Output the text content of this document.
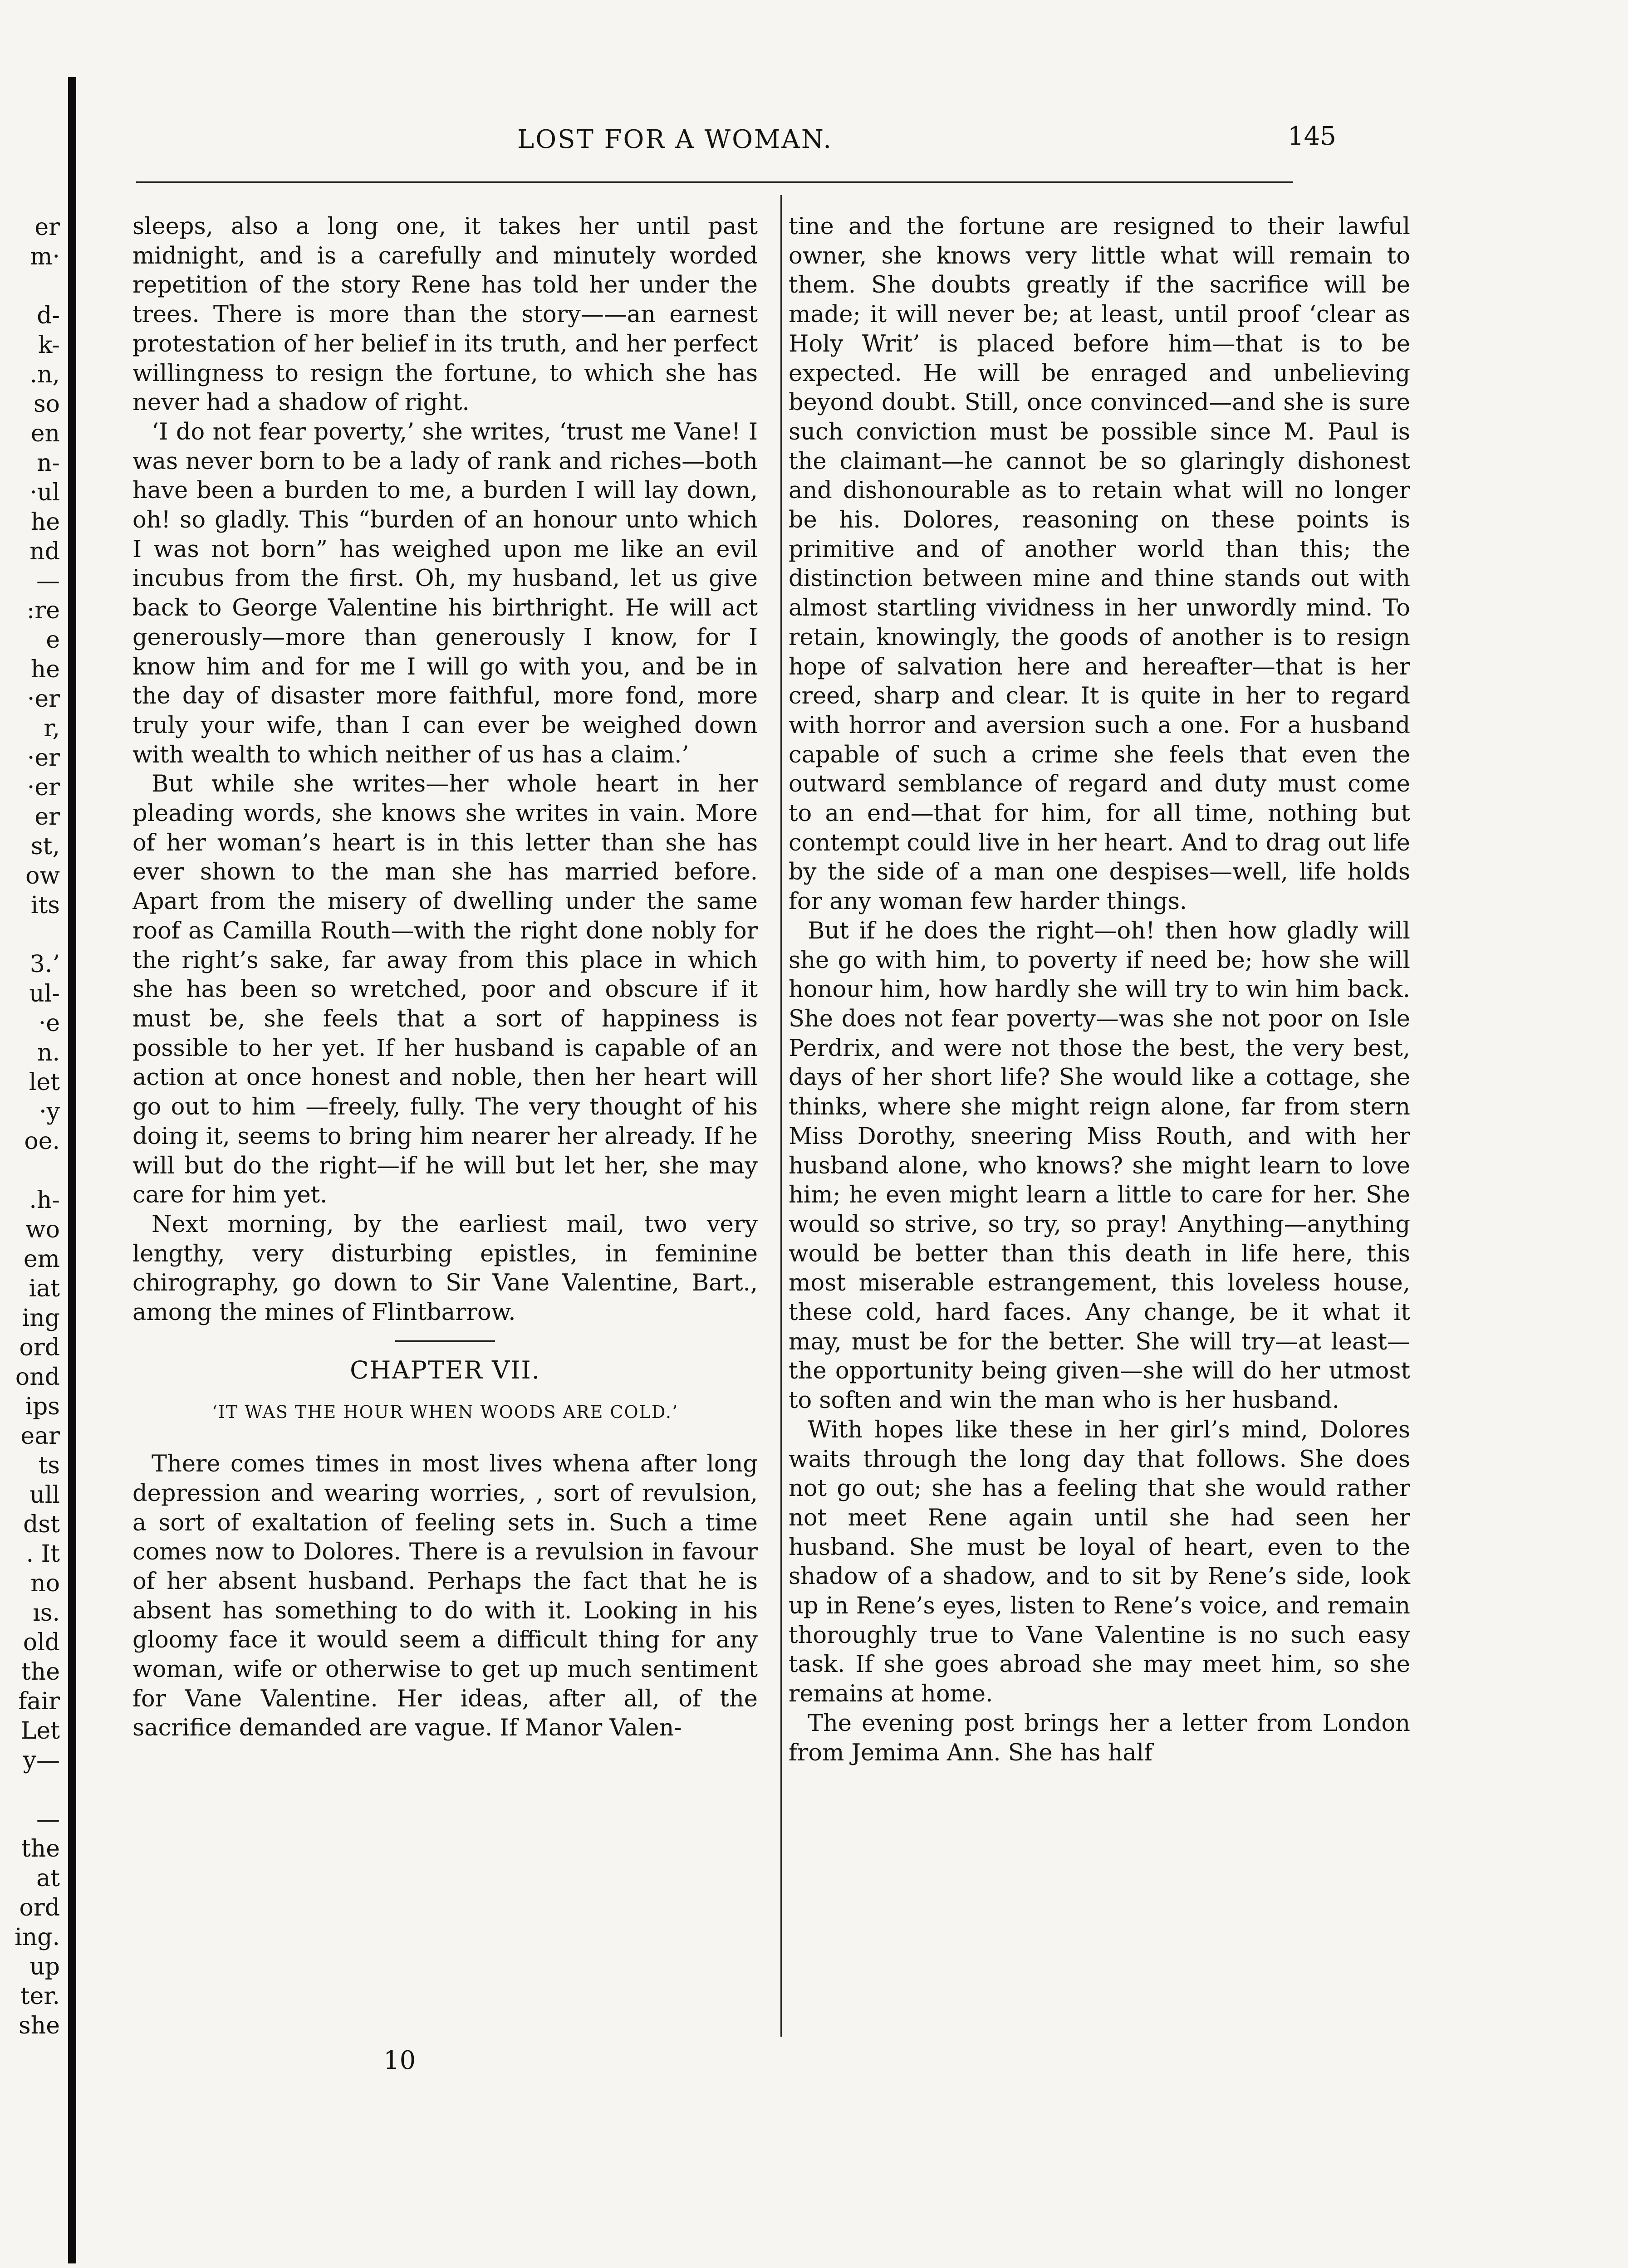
er
m·
d-
k-
.n,
so
en
n-
·ul
he
nd
—
:re
e
he
·er
r,
·er
·er
er
st,
ow
its
3.’
ul-
·e
n.
let
·y
oe.
.h-
wo
em
iat
ing
ord
ond
ips
ear
ts
ull
dst
. It
no
ıs.
old
the
fair
Let
y—
—
the
at
ord
ing.
up
ter.
she
LOST FOR A WOMAN.	145

sleeps, also a long one, it takes her until past midnight, and is a carefully and minutely worded repetition of the story Rene has told her under the trees. There is more than the story——an earnest protestation of her belief in its truth, and her perfect willingness to resign the fortune, to which she has never had a shadow of right.

‘I do not fear poverty,’ she writes, ‘trust me Vane! I was never born to be a lady of rank and riches—both have been a burden to me, a burden I will lay down, oh! so gladly. This “burden of an honour unto which I was not born” has weighed upon me like an evil incubus from the first. Oh, my husband, let us give back to George Valentine his birthright. He will act generously—more than generously I know, for I know him and for me I will go with you, and be in the day of disaster more faithful, more fond, more truly your wife, than I can ever be weighed down with wealth to which neither of us has a claim.’

But while she writes—her whole heart in her pleading words, she knows she writes in vain. More of her woman’s heart is in this letter than she has ever shown to the man she has married before. Apart from the misery of dwelling under the same roof as Camilla Routh—with the right done nobly for the right’s sake, far away from this place in which she has been so wretched, poor and obscure if it must be, she feels that a sort of happiness is possible to her yet. If her husband is capable of an action at once honest and noble, then her heart will go out to him —freely, fully. The very thought of his doing it, seems to bring him nearer her already. If he will but do the right—if he will but let her, she may care for him yet.

Next morning, by the earliest mail, two very lengthy, very disturbing epistles, in feminine chirography, go down to Sir Vane Valentine, Bart., among the mines of Flintbarrow.

CHAPTER VII.
‘IT WAS THE HOUR WHEN WOODS ARE COLD.’

There comes times in most lives whena after long depression and wearing worries, , sort of revulsion, a sort of exaltation of feeling sets in. Such a time comes now to Dolores. There is a revulsion in favour of her absent husband. Perhaps the fact that he is absent has something to do with it. Looking in his gloomy face it would seem a difficult thing for any woman, wife or otherwise to get up much sentiment for Vane Valentine. Her ideas, after all, of the sacrifice demanded are vague. If Manor Valen-

tine and the fortune are resigned to their lawful owner, she knows very little what will remain to them. She doubts greatly if the sacrifice will be made; it will never be; at least, until proof ‘clear as Holy Writ’ is placed before him—that is to be expected. He will be enraged and unbelieving beyond doubt. Still, once convinced—and she is sure such conviction must be possible since M. Paul is the claimant—he cannot be so glaringly dishonest and dishonourable as to retain what will no longer be his. Dolores, reasoning on these points is primitive and of another world than this; the distinction between mine and thine stands out with almost startling vividness in her unwordly mind. To retain, knowingly, the goods of another is to resign hope of salvation here and hereafter—that is her creed, sharp and clear. It is quite in her to regard with horror and aversion such a one. For a husband capable of such a crime she feels that even the outward semblance of regard and duty must come to an end—that for him, for all time, nothing but contempt could live in her heart. And to drag out life by the side of a man one despises—well, life holds for any woman few harder things.

But if he does the right—oh! then how gladly will she go with him, to poverty if need be; how she will honour him, how hardly she will try to win him back. She does not fear poverty—was she not poor on Isle Perdrix, and were not those the best, the very best, days of her short life? She would like a cottage, she thinks, where she might reign alone, far from stern Miss Dorothy, sneering Miss Routh, and with her husband alone, who knows? she might learn to love him; he even might learn a little to care for her. She would so strive, so try, so pray! Anything—anything would be better than this death in life here, this most miserable estrangement, this loveless house, these cold, hard faces. Any change, be it what it may, must be for the better. She will try—at least—the opportunity being given—she will do her utmost to soften and win the man who is her husband.

With hopes like these in her girl’s mind, Dolores waits through the long day that follows. She does not go out; she has a feeling that she would rather not meet Rene again until she had seen her husband. She must be loyal of heart, even to the shadow of a shadow, and to sit by Rene’s side, look up in Rene’s eyes, listen to Rene’s voice, and remain thoroughly true to Vane Valentine is no such easy task. If she goes abroad she may meet him, so she remains at home.

The evening post brings her a letter from London from Jemima Ann. She has half

10
